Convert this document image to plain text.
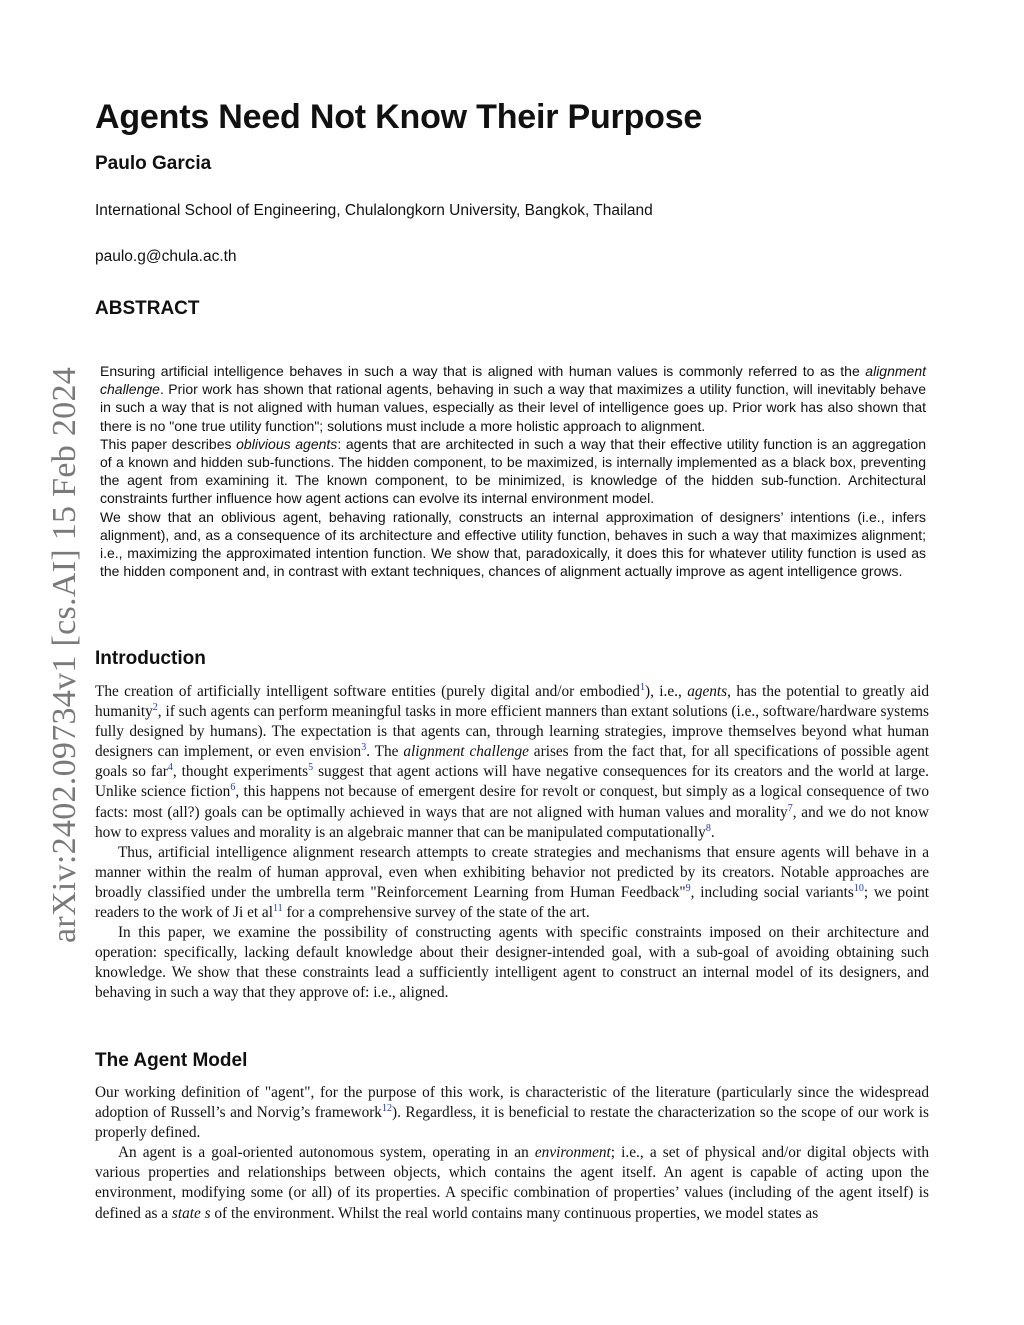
arXiv:2402.09734v1 [cs.AI] 15 Feb 2024
Agents Need Not Know Their Purpose
Paulo Garcia
International School of Engineering, Chulalongkorn University, Bangkok, Thailand
paulo.g@chula.ac.th
ABSTRACT

Ensuring artificial intelligence behaves in such a way that is aligned with human values is commonly referred to as the alignment challenge. Prior work has shown that rational agents, behaving in such a way that maximizes a utility function, will inevitably behave in such a way that is not aligned with human values, especially as their level of intelligence goes up. Prior work has also shown that there is no "one true utility function"; solutions must include a more holistic approach to alignment.

This paper describes oblivious agents: agents that are architected in such a way that their effective utility function is an aggregation of a known and hidden sub-functions. The hidden component, to be maximized, is internally implemented as a black box, preventing the agent from examining it. The known component, to be minimized, is knowledge of the hidden sub-function. Architectural constraints further influence how agent actions can evolve its internal environment model.

We show that an oblivious agent, behaving rationally, constructs an internal approximation of designers’ intentions (i.e., infers alignment), and, as a consequence of its architecture and effective utility function, behaves in such a way that maximizes alignment; i.e., maximizing the approximated intention function. We show that, paradoxically, it does this for whatever utility function is used as the hidden component and, in contrast with extant techniques, chances of alignment actually improve as agent intelligence grows.

Introduction

The creation of artificially intelligent software entities (purely digital and/or embodied$^1$), i.e., agents, has the potential to greatly aid humanity$^2$, if such agents can perform meaningful tasks in more efficient manners than extant solutions (i.e., software/hardware systems fully designed by humans). The expectation is that agents can, through learning strategies, improve themselves beyond what human designers can implement, or even envision$^3$. The alignment challenge arises from the fact that, for all specifications of possible agent goals so far$^4$, thought experiments$^5$ suggest that agent actions will have negative consequences for its creators and the world at large. Unlike science fiction$^6$, this happens not because of emergent desire for revolt or conquest, but simply as a logical consequence of two facts: most (all?) goals can be optimally achieved in ways that are not aligned with human values and morality$^7$, and we do not know how to express values and morality is an algebraic manner that can be manipulated computationally$^8$.

Thus, artificial intelligence alignment research attempts to create strategies and mechanisms that ensure agents will behave in a manner within the realm of human approval, even when exhibiting behavior not predicted by its creators. Notable approaches are broadly classified under the umbrella term "Reinforcement Learning from Human Feedback"$^9$, including social variants$^{10}$; we point readers to the work of Ji et al$^{11}$ for a comprehensive survey of the state of the art.

In this paper, we examine the possibility of constructing agents with specific constraints imposed on their architecture and operation: specifically, lacking default knowledge about their designer-intended goal, with a sub-goal of avoiding obtaining such knowledge. We show that these constraints lead a sufficiently intelligent agent to construct an internal model of its designers, and behaving in such a way that they approve of: i.e., aligned.

The Agent Model

Our working definition of "agent", for the purpose of this work, is characteristic of the literature (particularly since the widespread adoption of Russell’s and Norvig’s framework$^{12}$). Regardless, it is beneficial to restate the characterization so the scope of our work is properly defined.

An agent is a goal-oriented autonomous system, operating in an environment; i.e., a set of physical and/or digital objects with various properties and relationships between objects, which contains the agent itself. An agent is capable of acting upon the environment, modifying some (or all) of its properties. A specific combination of properties’ values (including of the agent itself) is defined as a state s of the environment. Whilst the real world contains many continuous properties, we model states as
